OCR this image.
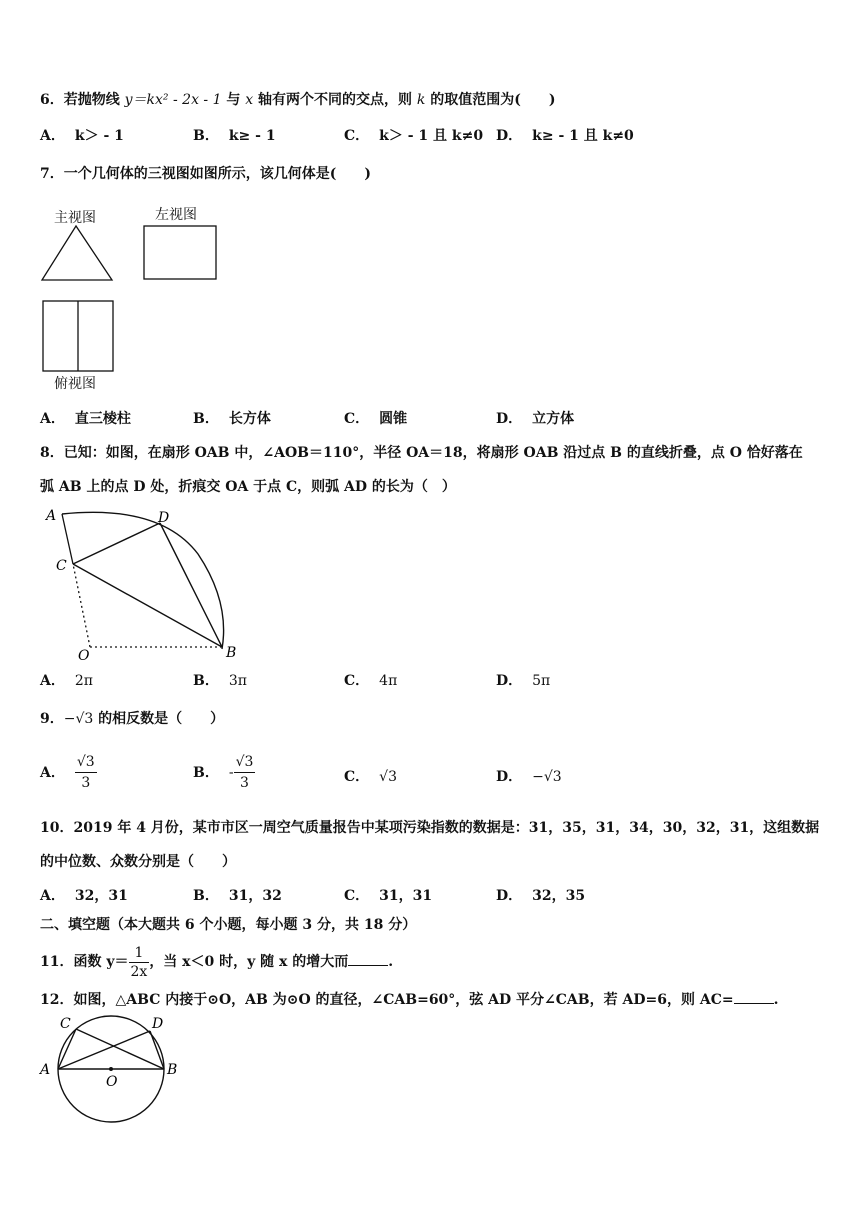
6．若抛物线 y＝kx² - 2x - 1 与 x 轴有两个不同的交点，则 k 的取值范围为(　　)
A． k＞ - 1	B． k≥ - 1	C． k＞ - 1 且 k≠0 D． k≥ - 1 且 k≠0
7．一个几何体的三视图如图所示，该几何体是(　　)
主视图	左视图
俯视图
A． 直三棱柱	B． 长方体	C． 圆锥	D． 立方体
8．已知：如图，在扇形 OAB 中，∠AOB＝110°，半径 OA＝18，将扇形 OAB 沿过点 B 的直线折叠，点 O 恰好落在
弧 AB 上的点 D 处，折痕交 OA 于点 C，则弧 AD 的长为（　）
A	D
C
O	B
A． 2π	B． 3π	C． 4π	D． 5π
9．−√3 的相反数是（　　）
A． $\frac{√3}{3}$	B． - $\frac{√3}{3}$	C． √3	D． −√3
10．2019 年 4 月份，某市市区一周空气质量报告中某项污染指数的数据是：31，35，31，34，30，32，31，这组数据
的中位数、众数分别是（　　）
A． 32，31	B． 31，32	C． 31，31	D． 32，35
二、填空题（本大题共 6 个小题，每小题 3 分，共 18 分）
11．函数 $y= \frac{1}{2x}$ ，当 x＜0 时，y 随 x 的增大而	.
12．如图，△ABC 内接于⊙O，AB 为⊙O 的直径，∠CAB=60°，弦 AD 平分∠CAB，若 AD=6，则 AC=	.
C	D
A	B
O
